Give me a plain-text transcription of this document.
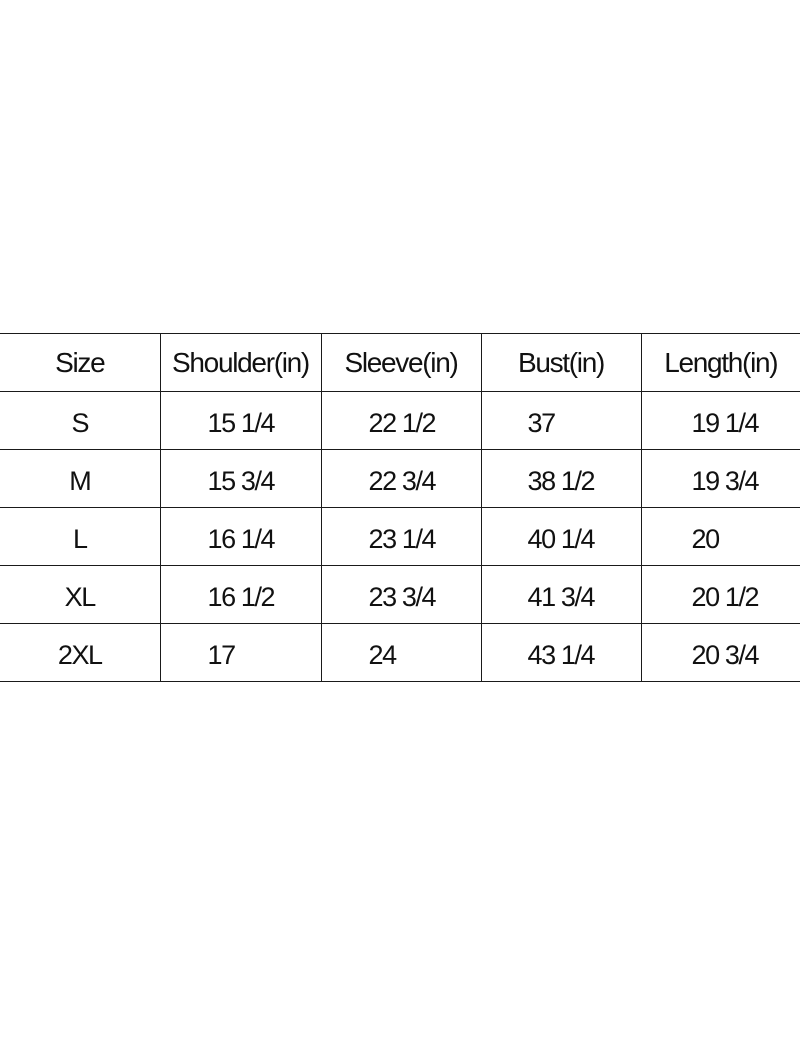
Size	Shoulder(in)	Sleeve(in)	Bust(in)	Length(in)
S	15 1/4	22 1/2	37	19 1/4
M	15 3/4	22 3/4	38 1/2	19 3/4
L	16 1/4	23 1/4	40 1/4	20
XL	16 1/2	23 3/4	41 3/4	20 1/2
2XL	17	24	43 1/4	20 3/4
